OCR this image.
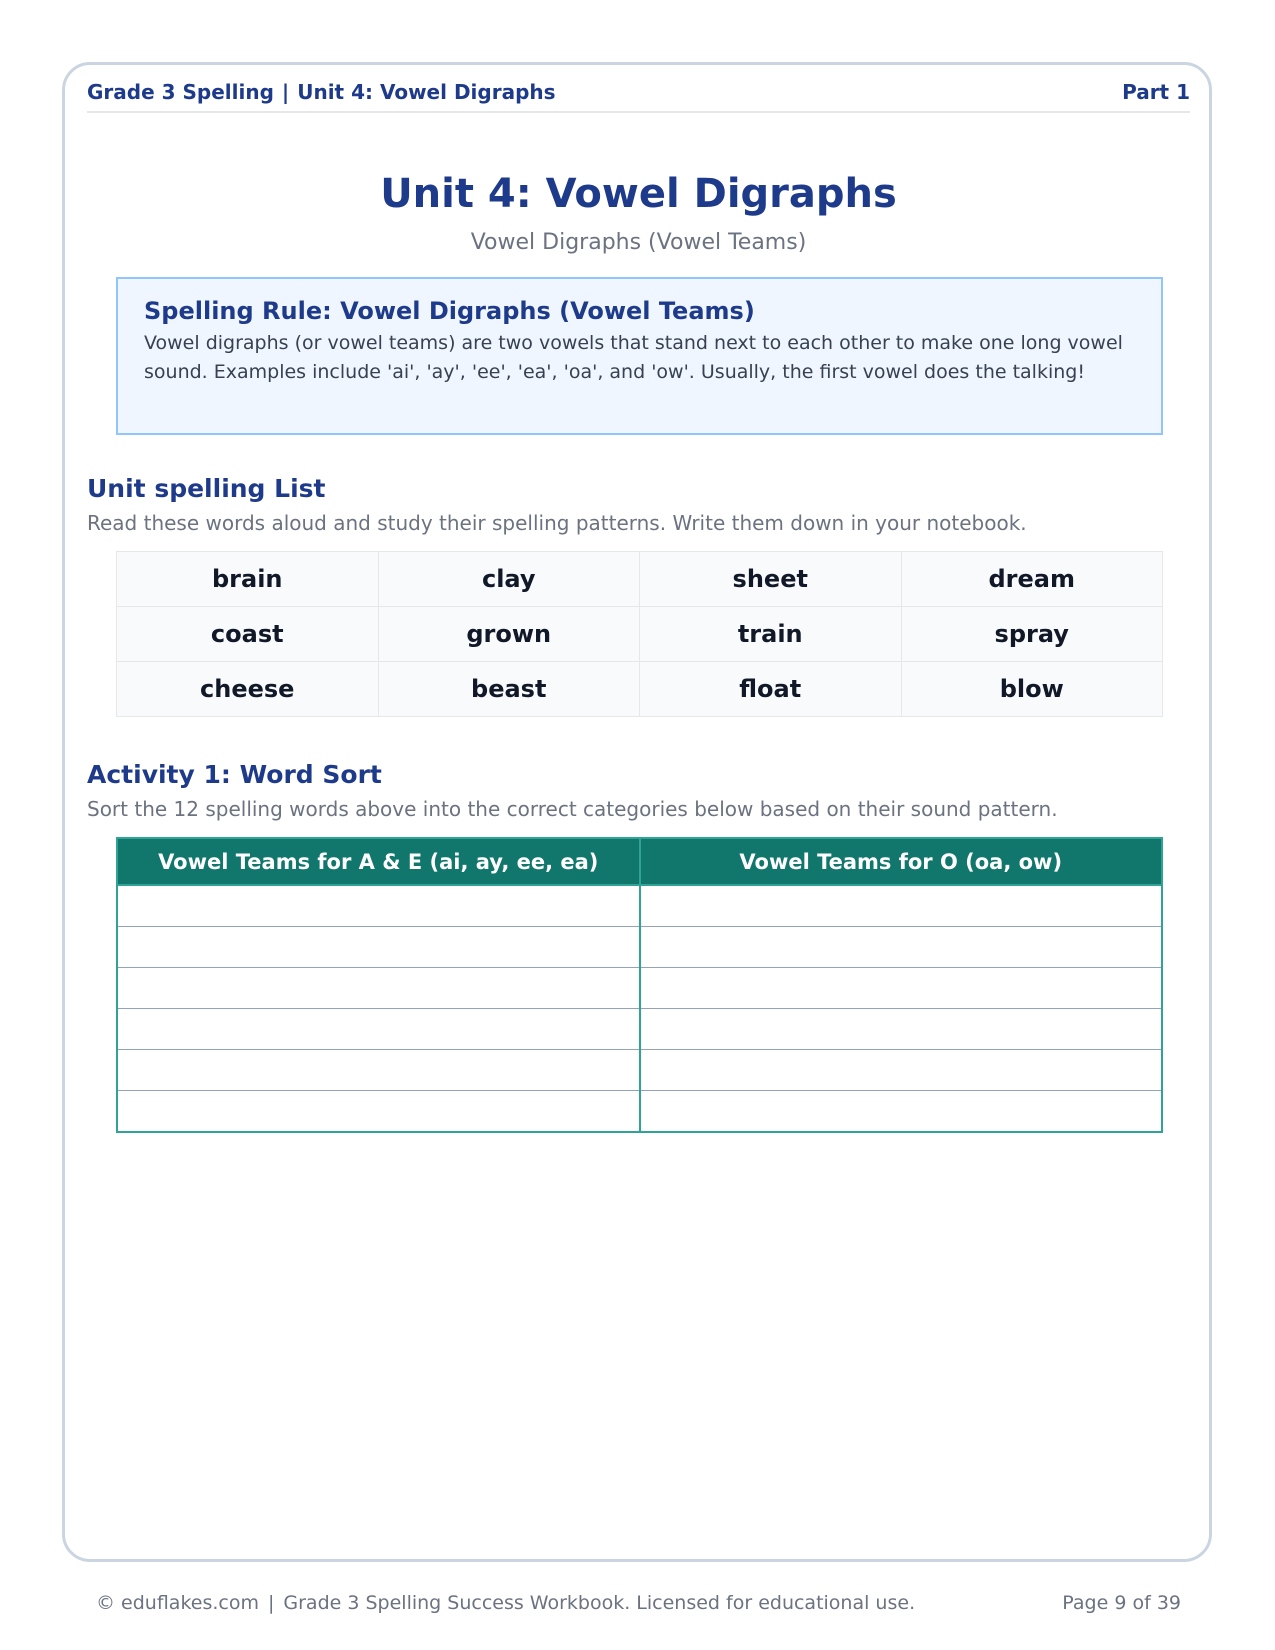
Grade 3 Spelling | Unit 4: Vowel Digraphs	Part 1
Unit 4: Vowel Digraphs
Vowel Digraphs (Vowel Teams)
Spelling Rule: Vowel Digraphs (Vowel Teams)
Vowel digraphs (or vowel teams) are two vowels that stand next to each other to make one long vowel sound. Examples include 'ai', 'ay', 'ee', 'ea', 'oa', and 'ow'. Usually, the first vowel does the talking!
Unit spelling List
Read these words aloud and study their spelling patterns. Write them down in your notebook.
brain	clay	sheet	dream
coast	grown	train	spray
cheese	beast	float	blow
Activity 1: Word Sort
Sort the 12 spelling words above into the correct categories below based on their sound pattern.
Vowel Teams for A & E (ai, ay, ee, ea)	Vowel Teams for O (oa, ow)

© eduflakes.com | Grade 3 Spelling Success Workbook. Licensed for educational use.	Page 9 of 39
